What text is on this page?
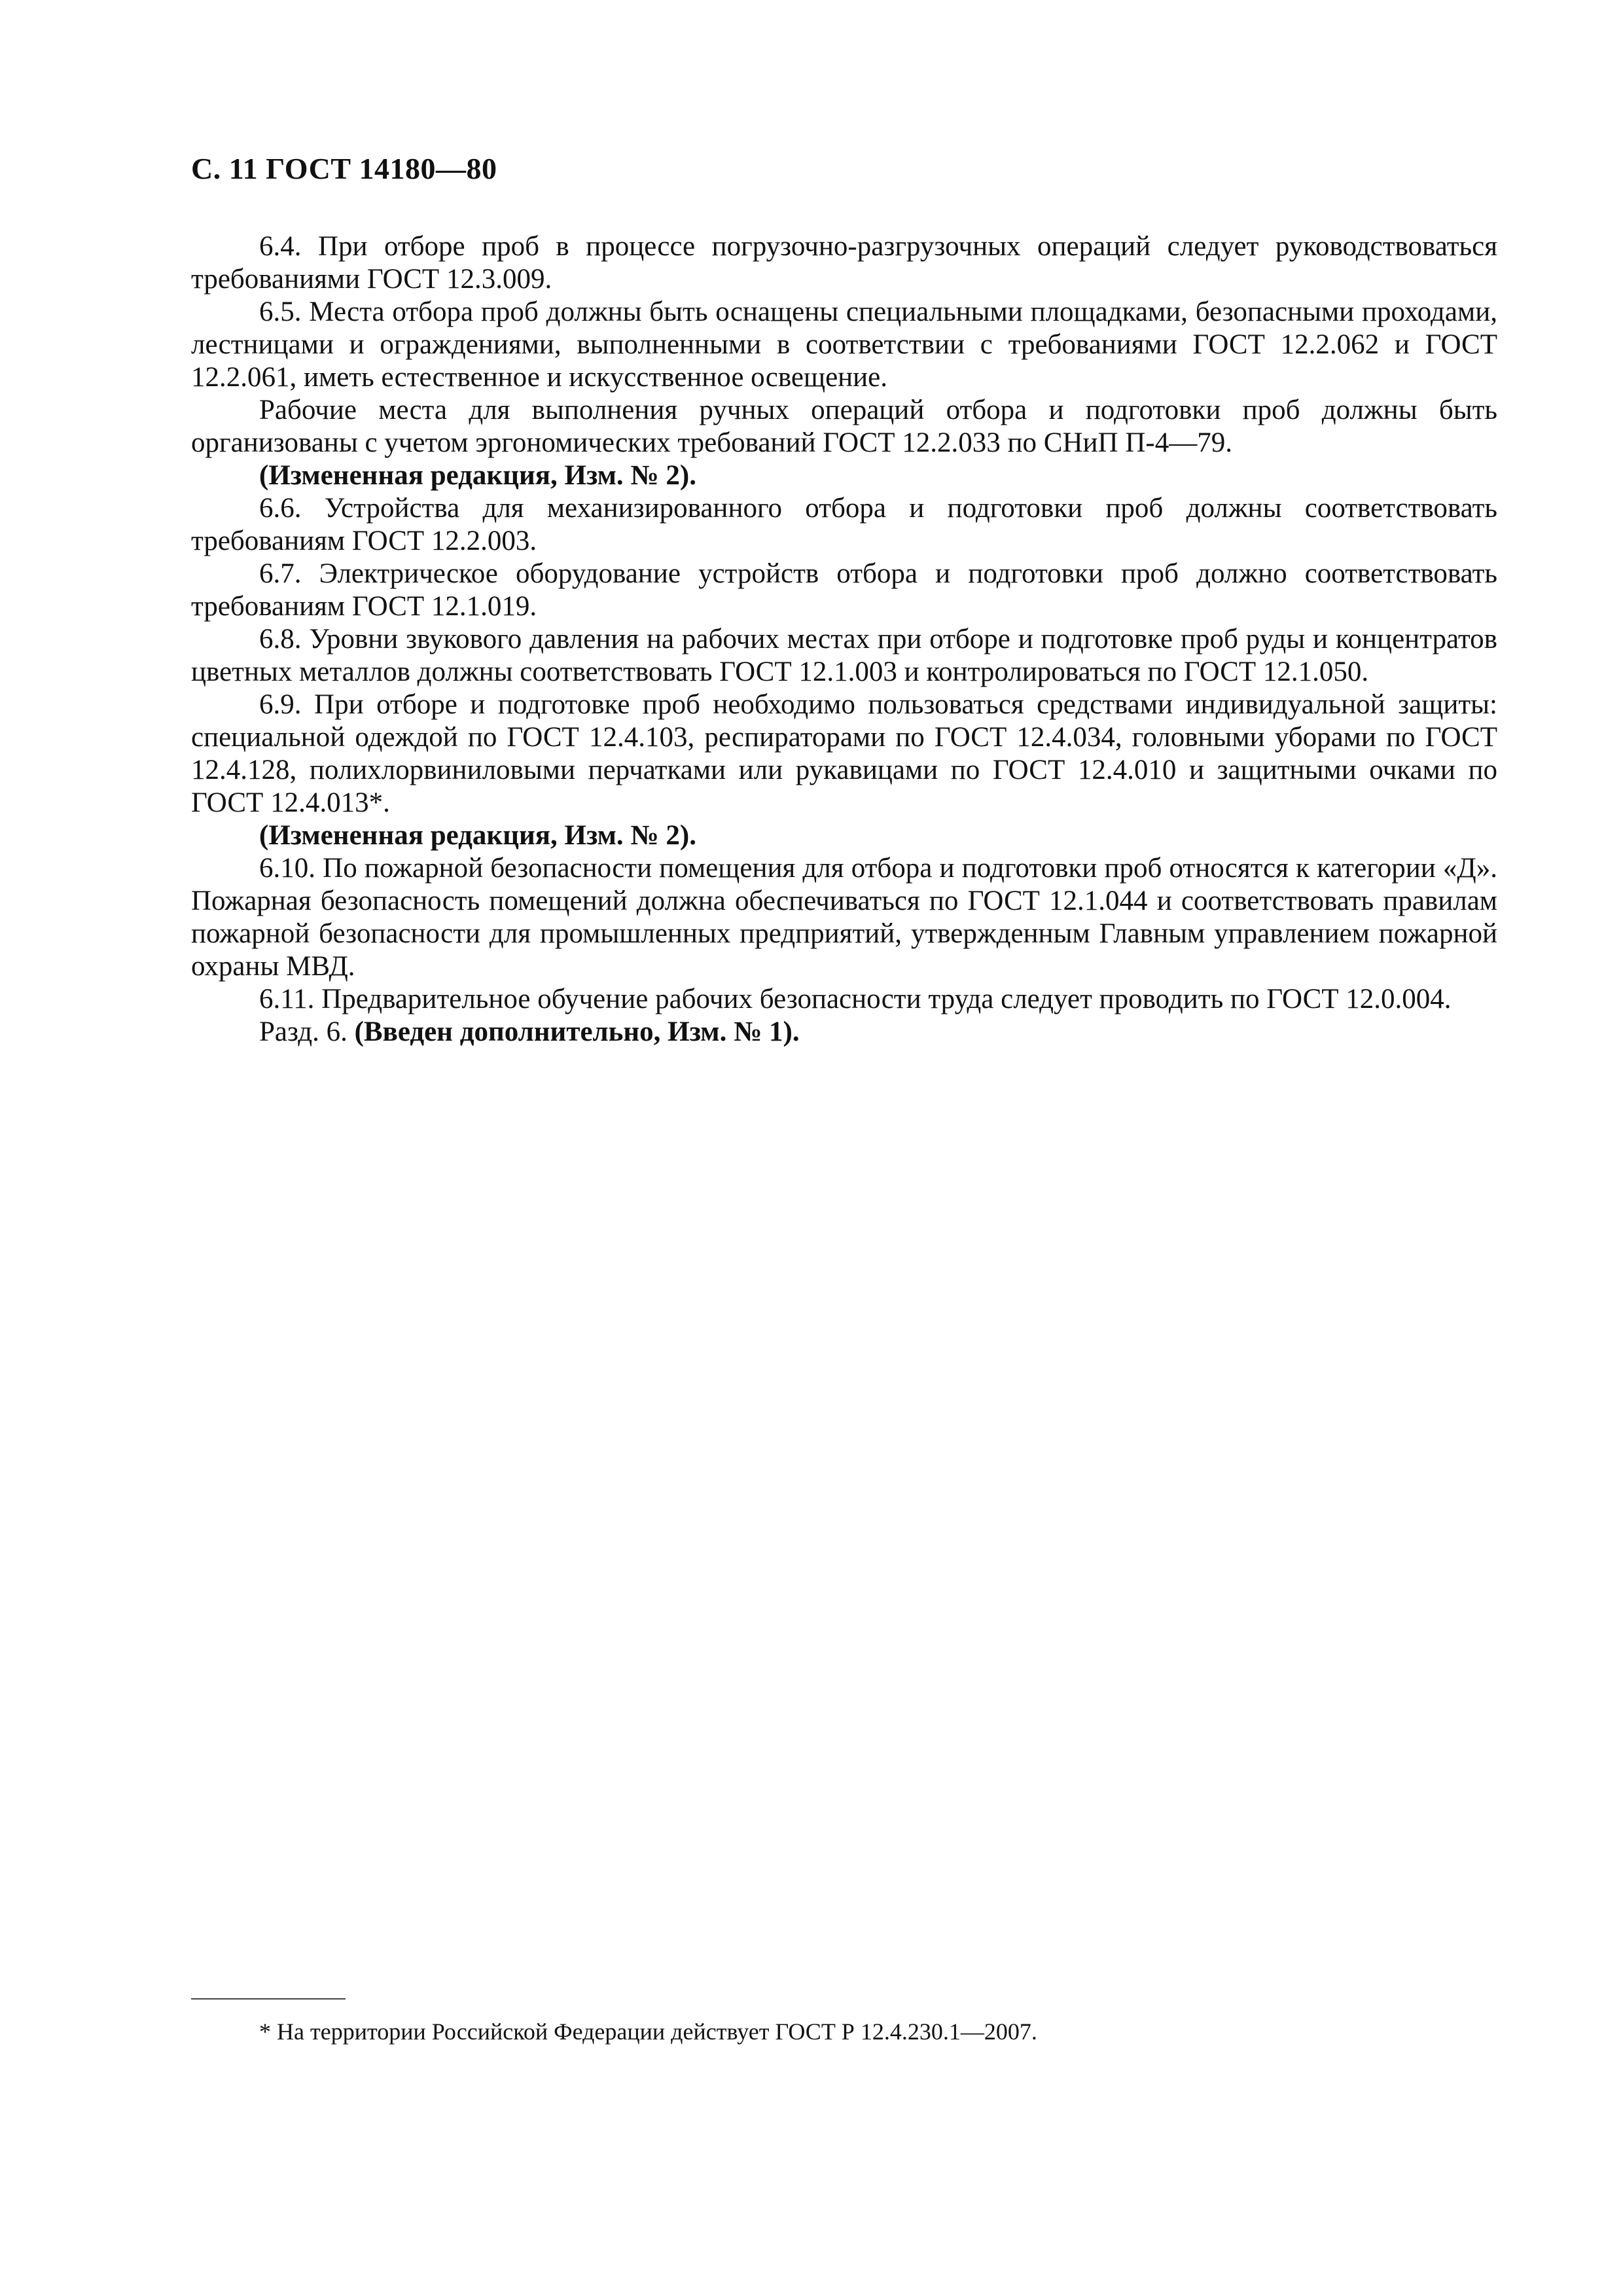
С. 11 ГОСТ 14180—80

6.4. При отборе проб в процессе погрузочно-разгрузочных операций следует руководствоваться требованиями ГОСТ 12.3.009.

6.5. Места отбора проб должны быть оснащены специальными площадками, безопасными проходами, лестницами и ограждениями, выполненными в соответствии с требованиями ГОСТ 12.2.062 и ГОСТ 12.2.061, иметь естественное и искусственное освещение.

Рабочие места для выполнения ручных операций отбора и подготовки проб должны быть организованы с учетом эргономических требований ГОСТ 12.2.033 по СНиП П-4—79.

(Измененная редакция, Изм. № 2).

6.6. Устройства для механизированного отбора и подготовки проб должны соответствовать требованиям ГОСТ 12.2.003.

6.7. Электрическое оборудование устройств отбора и подготовки проб должно соответствовать требованиям ГОСТ 12.1.019.

6.8. Уровни звукового давления на рабочих местах при отборе и подготовке проб руды и концентратов цветных металлов должны соответствовать ГОСТ 12.1.003 и контролироваться по ГОСТ 12.1.050.

6.9. При отборе и подготовке проб необходимо пользоваться средствами индивидуальной защиты: специальной одеждой по ГОСТ 12.4.103, респираторами по ГОСТ 12.4.034, головными уборами по ГОСТ 12.4.128, полихлорвиниловыми перчатками или рукавицами по ГОСТ 12.4.010 и защитными очками по ГОСТ 12.4.013*.

(Измененная редакция, Изм. № 2).

6.10. По пожарной безопасности помещения для отбора и подготовки проб относятся к категории «Д». Пожарная безопасность помещений должна обеспечиваться по ГОСТ 12.1.044 и соответствовать правилам пожарной безопасности для промышленных предприятий, утвержденным Главным управлением пожарной охраны МВД.

6.11. Предварительное обучение рабочих безопасности труда следует проводить по ГОСТ 12.0.004.

Разд. 6. (Введен дополнительно, Изм. № 1).

* На территории Российской Федерации действует ГОСТ Р 12.4.230.1—2007.
